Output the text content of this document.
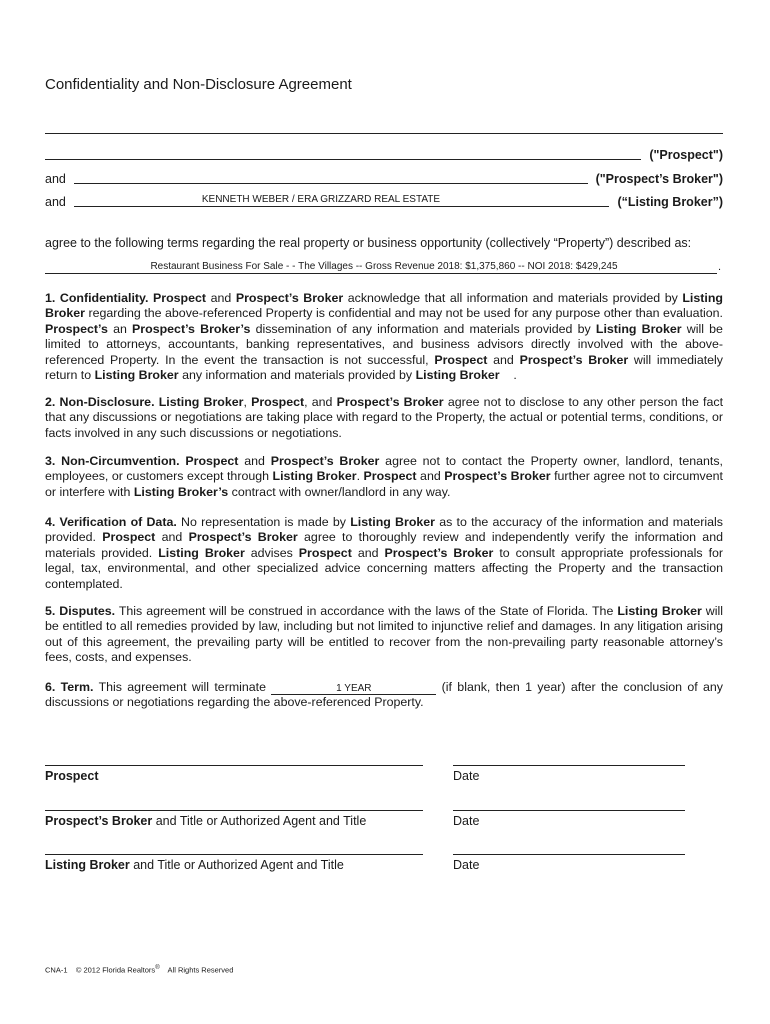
Confidentiality and Non-Disclosure Agreement
("Prospect")
and	("Prospect’s Broker")
and	KENNETH WEBER / ERA GRIZZARD REAL ESTATE	(“Listing Broker”)
agree to the following terms regarding the real property or business opportunity (collectively “Property”) described as:
Restaurant Business For Sale - - The Villages -- Gross Revenue 2018: $1,375,860 -- NOI 2018: $429,245	.
1. Confidentiality. Prospect and Prospect’s Broker acknowledge that all information and materials provided by Listing Broker regarding the above-referenced Property is confidential and may not be used for any purpose other than evaluation. Prospect’s an Prospect’s Broker’s dissemination of any information and materials provided by Listing Broker will be limited to attorneys, accountants, banking representatives, and business advisors directly involved with the above-referenced Property. In the event the transaction is not successful, Prospect and Prospect’s Broker will immediately return to Listing Broker any information and materials provided by Listing Broker .
2. Non-Disclosure. Listing Broker, Prospect, and Prospect’s Broker agree not to disclose to any other person the fact that any discussions or negotiations are taking place with regard to the Property, the actual or potential terms, conditions, or facts involved in any such discussions or negotiations.
3. Non-Circumvention. Prospect and Prospect’s Broker agree not to contact the Property owner, landlord, tenants, employees, or customers except through Listing Broker. Prospect and Prospect’s Broker further agree not to circumvent or interfere with Listing Broker’s contract with owner/landlord in any way.
4. Verification of Data. No representation is made by Listing Broker as to the accuracy of the information and materials provided. Prospect and Prospect’s Broker agree to thoroughly review and independently verify the information and materials provided. Listing Broker advises Prospect and Prospect’s Broker to consult appropriate professionals for legal, tax, environmental, and other specialized advice concerning matters affecting the Property and the transaction contemplated.
5. Disputes. This agreement will be construed in accordance with the laws of the State of Florida. The Listing Broker will be entitled to all remedies provided by law, including but not limited to injunctive relief and damages. In any litigation arising out of this agreement, the prevailing party will be entitled to recover from the non-prevailing party reasonable attorney’s fees, costs, and expenses.
6. Term. This agreement will terminate	1 YEAR	(if blank, then 1 year) after the conclusion of any discussions or negotiations regarding the above-referenced Property.
Prospect	Date
Prospect’s Broker and Title or Authorized Agent and Title	Date
Listing Broker and Title or Authorized Agent and Title	Date
CNA-1 © 2012 Florida Realtors® All Rights Reserved
